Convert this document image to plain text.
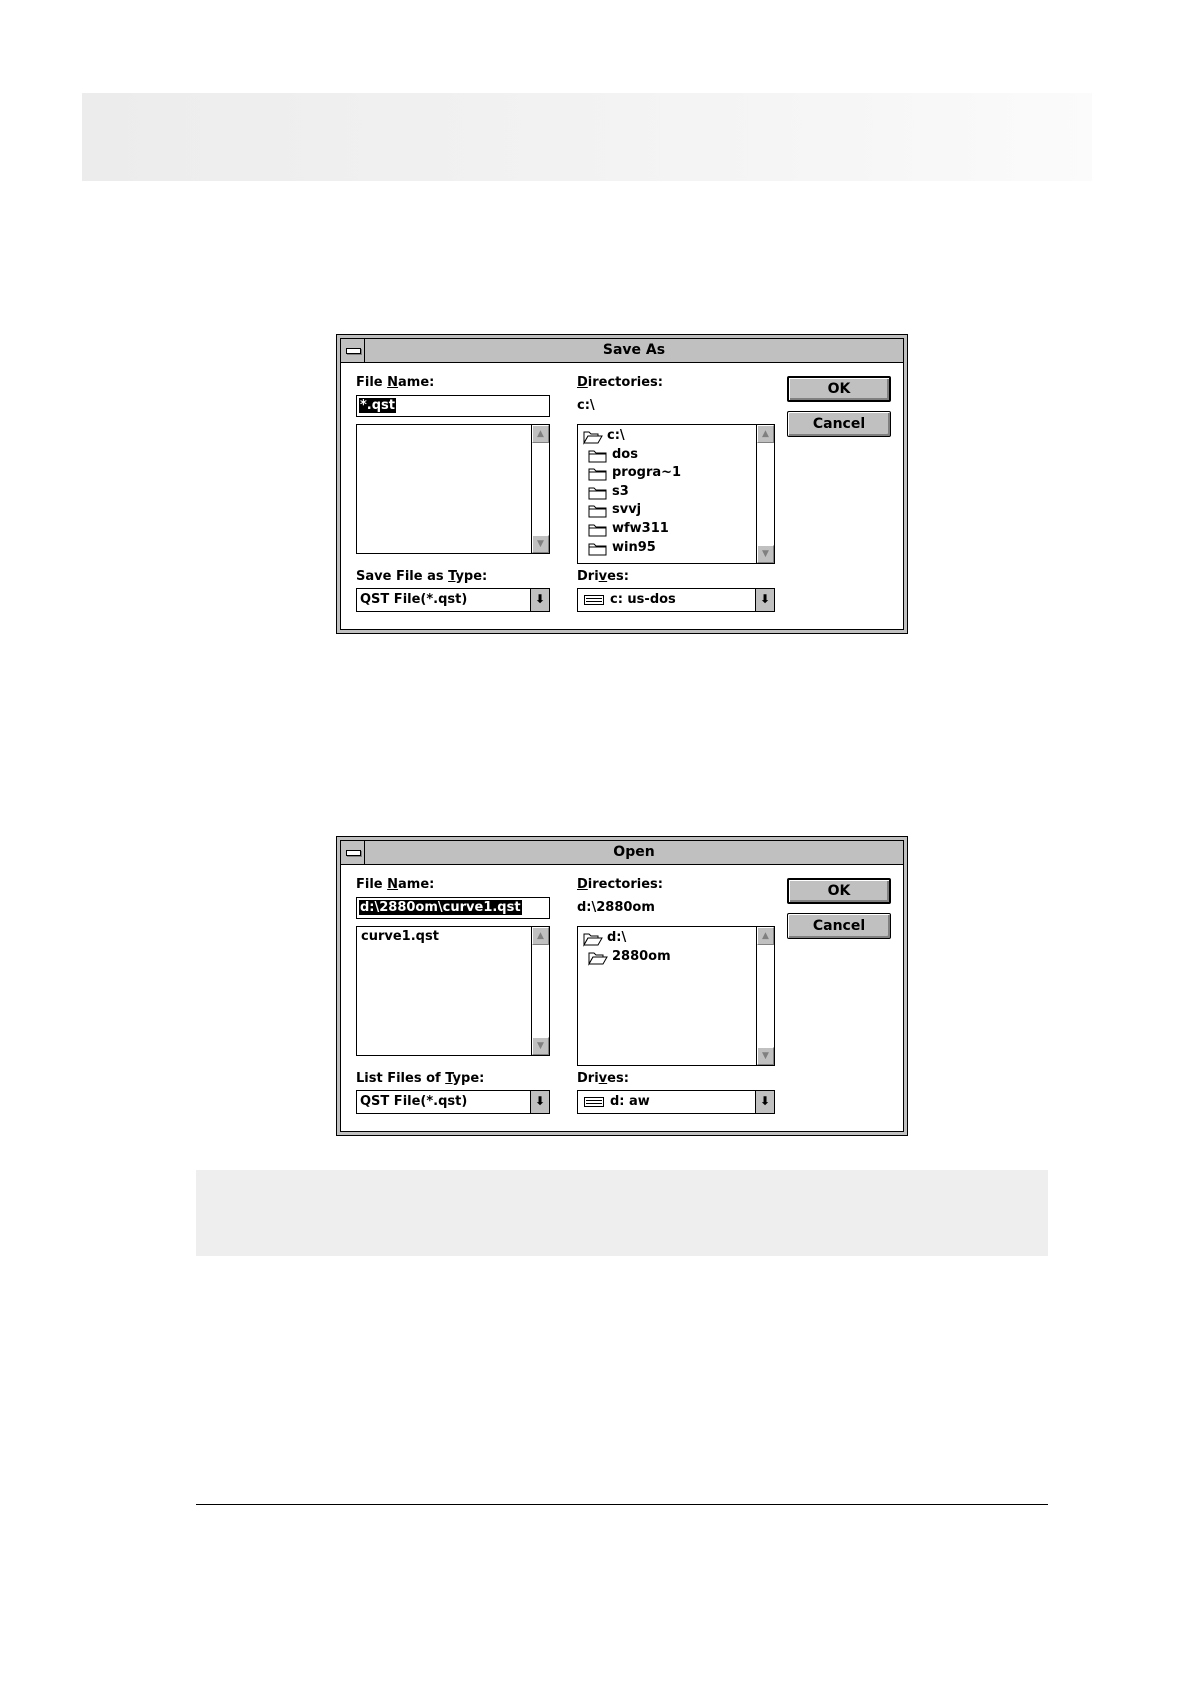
Save As
File Name:
*.qst
▲
▼
Save File as Type:
QST File(*.qst)	⬇
Directories:
c:\
c:\
dos
progra~1
s3
svvj
wfw311
win95
▲
▼
Drives:
c: us-dos	⬇
OK
Cancel
Open
File Name:
d:\2880om\curve1.qst
curve1.qst	▲
▼
List Files of Type:
QST File(*.qst)	⬇
Directories:
d:\2880om
d:\
2880om
▲
▼
Drives:
d: aw	⬇
OK
Cancel
